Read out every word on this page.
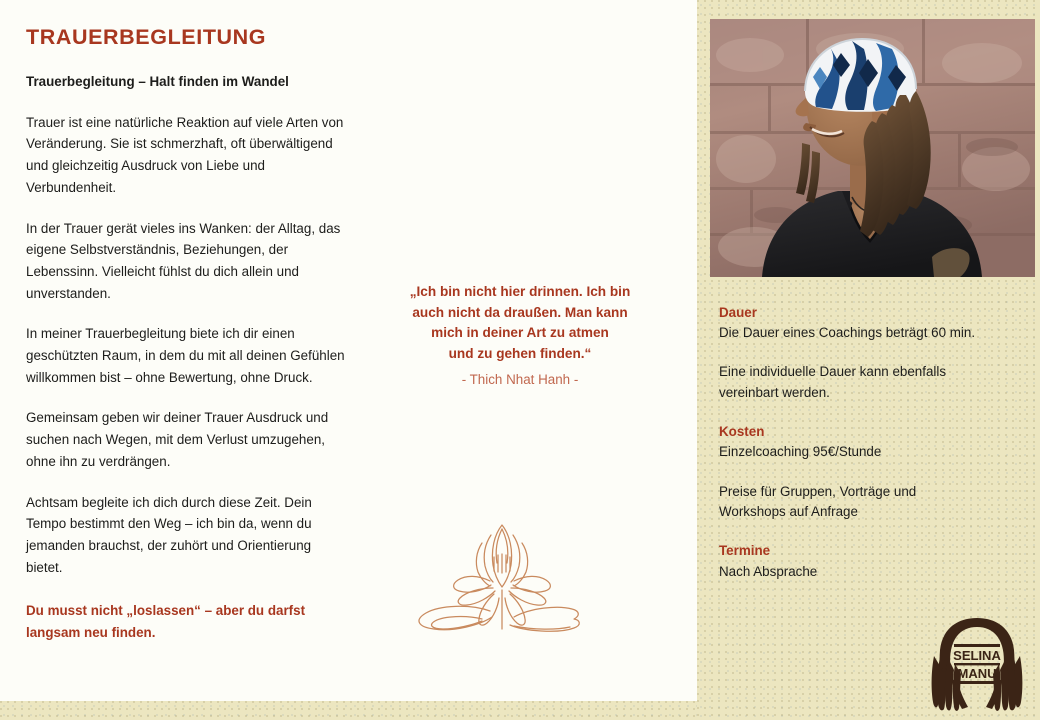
TRAUERBEGLEITUNG

Trauerbegleitung – Halt finden im Wandel

Trauer ist eine natürliche Reaktion auf viele Arten von Veränderung. Sie ist schmerzhaft, oft überwältigend und gleichzeitig Ausdruck von Liebe und Verbundenheit.

In der Trauer gerät vieles ins Wanken: der Alltag, das eigene Selbstverständnis, Beziehungen, der Lebenssinn. Vielleicht fühlst du dich allein und unverstanden.

In meiner Trauerbegleitung biete ich dir einen geschützten Raum, in dem du mit all deinen Gefühlen willkommen bist – ohne Bewertung, ohne Druck.

Gemeinsam geben wir deiner Trauer Ausdruck und suchen nach Wegen, mit dem Verlust umzugehen, ohne ihn zu verdrängen.

Achtsam begleite ich dich durch diese Zeit. Dein Tempo bestimmt den Weg – ich bin da, wenn du jemanden brauchst, der zuhört und Orientierung bietet.

Du musst nicht „loslassen“ – aber du darfst langsam neu finden.

„Ich bin nicht hier drinnen. Ich bin
auch nicht da draußen. Man kann
mich in deiner Art zu atmen
und zu gehen finden.“
- Thich Nhat Hanh -
Dauer
Die Dauer eines Coachings beträgt 60 min.
Eine individuelle Dauer kann ebenfalls
vereinbart werden.
Kosten
Einzelcoaching 95€/Stunde
Preise für Gruppen, Vorträge und
Workshops auf Anfrage
Termine
Nach Absprache
SELINA
MANU
